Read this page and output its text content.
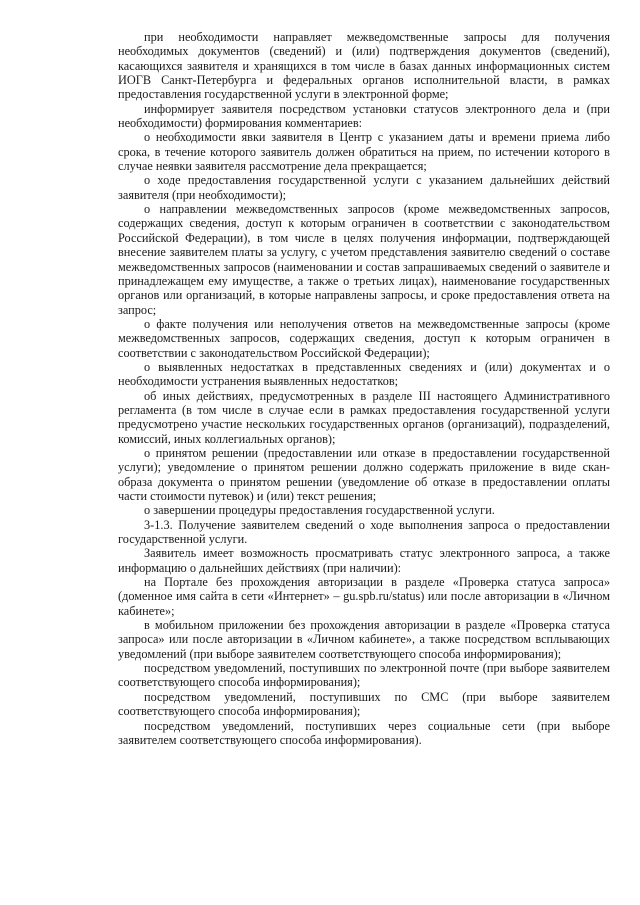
при необходимости направляет межведомственные запросы для получения необходимых документов (сведений) и (или) подтверждения документов (сведений), касающихся заявителя и хранящихся в том числе в базах данных информационных систем ИОГВ Санкт-Петербурга и федеральных органов исполнительной власти, в рамках предоставления государственной услуги в электронной форме;

информирует заявителя посредством установки статусов электронного дела и (при необходимости) формирования комментариев:

о необходимости явки заявителя в Центр с указанием даты и времени приема либо срока, в течение которого заявитель должен обратиться на прием, по истечении которого в случае неявки заявителя рассмотрение дела прекращается;

о ходе предоставления государственной услуги с указанием дальнейших действий заявителя (при необходимости);

о направлении межведомственных запросов (кроме межведомственных запросов, содержащих сведения, доступ к которым ограничен в соответствии с законодательством Российской Федерации), в том числе в целях получения информации, подтверждающей внесение заявителем платы за услугу, с учетом представления заявителю сведений о составе межведомственных запросов (наименовании и состав запрашиваемых сведений о заявителе и принадлежащем ему имуществе, а также о третьих лицах), наименование государственных органов или организаций, в которые направлены запросы, и сроке предоставления ответа на запрос;

о факте получения или неполучения ответов на межведомственные запросы (кроме межведомственных запросов, содержащих сведения, доступ к которым ограничен в соответствии с законодательством Российской Федерации);

о выявленных недостатках в представленных сведениях и (или) документах и о необходимости устранения выявленных недостатков;

об иных действиях, предусмотренных в разделе III настоящего Административного регламента (в том числе в случае если в рамках предоставления государственной услуги предусмотрено участие нескольких государственных органов (организаций), подразделений, комиссий, иных коллегиальных органов);

о принятом решении (предоставлении или отказе в предоставлении государственной услуги); уведомление о принятом решении должно содержать приложение в виде скан-образа документа о принятом решении (уведомление об отказе в предоставлении оплаты части стоимости путевок) и (или) текст решения;

о завершении процедуры предоставления государственной услуги.

3-1.3. Получение заявителем сведений о ходе выполнения запроса о предоставлении государственной услуги.

Заявитель имеет возможность просматривать статус электронного запроса, а также информацию о дальнейших действиях (при наличии):

на Портале без прохождения авторизации в разделе «Проверка статуса запроса» (доменное имя сайта в сети «Интернет» – gu.spb.ru/status) или после авторизации в «Личном кабинете»;

в мобильном приложении без прохождения авторизации в разделе «Проверка статуса запроса» или после авторизации в «Личном кабинете», а также посредством всплывающих уведомлений (при выборе заявителем соответствующего способа информирования);

посредством уведомлений, поступивших по электронной почте (при выборе заявителем соответствующего способа информирования);

посредством уведомлений, поступивших по СМС (при выборе заявителем соответствующего способа информирования);

посредством уведомлений, поступивших через социальные сети (при выборе заявителем соответствующего способа информирования).
